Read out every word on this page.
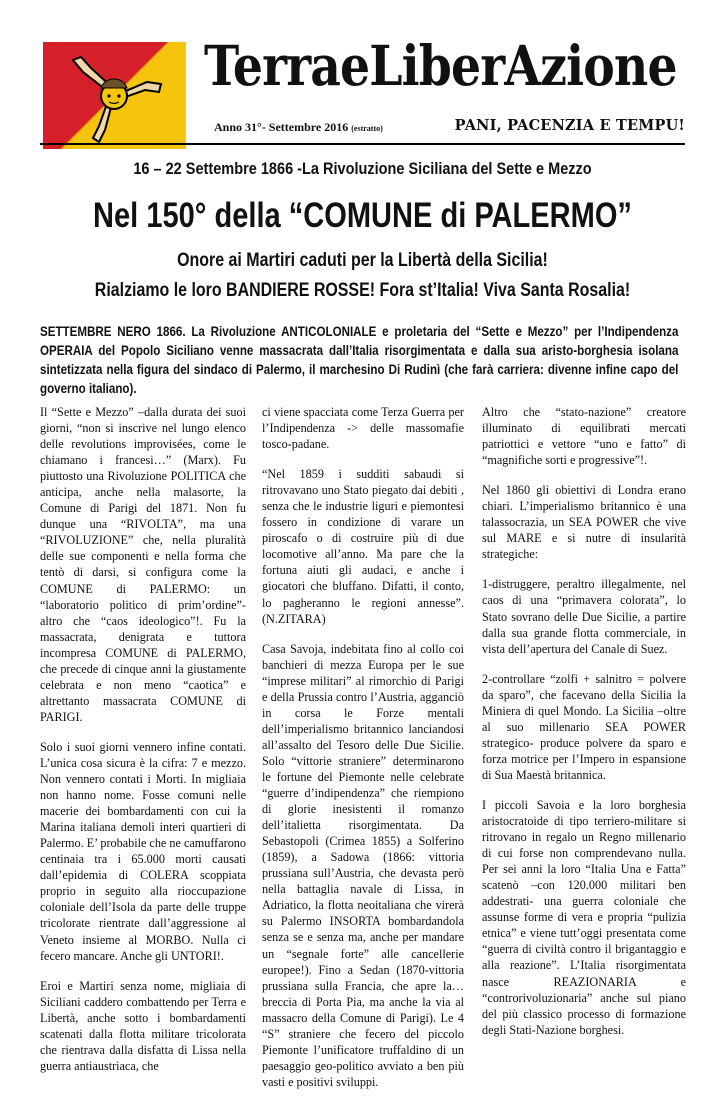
TerraeLiberAzione
Anno 31°- Settembre 2016 (estratto)	PANI, PACENZIA E TEMPU!
16 – 22 Settembre 1866 -La Rivoluzione Siciliana del Sette e Mezzo
Nel 150° della “COMUNE di PALERMO”
Onore ai Martiri caduti per la Libertà della Sicilia!
Rialziamo le loro BANDIERE ROSSE! Fora st’Italia! Viva Santa Rosalia!
SETTEMBRE NERO 1866. La Rivoluzione ANTICOLONIALE e proletaria del “Sette e Mezzo” per l’Indipendenza OPERAIA del Popolo Siciliano venne massacrata dall’Italia risorgimentata e dalla sua aristo-borghesia isolana sintetizzata nella figura del sindaco di Palermo, il marchesino Di Rudinì (che farà carriera: divenne infine capo del governo italiano).

Il “Sette e Mezzo” –dalla durata dei suoi giorni, “non si inscrive nel lungo elenco delle revolutions improvisées, come le chiamano i francesi…” (Marx). Fu piuttosto una Rivoluzione POLITICA che anticipa, anche nella malasorte, la Comune di Parigi del 1871. Non fu dunque una “RIVOLTA”, ma una “RIVOLUZIONE” che, nella pluralità delle sue componenti e nella forma che tentò di darsi, si configura come la COMUNE di PALERMO: un “laboratorio politico di prim’ordine”- altro che “caos ideologico”!. Fu la massacrata, denigrata e tuttora incompresa COMUNE di PALERMO, che precede di cinque anni la giustamente celebrata e non meno “caotica” e altrettanto massacrata COMUNE di PARIGI.

Solo i suoi giorni vennero infine contati. L’unica cosa sicura è la cifra: 7 e mezzo. Non vennero contati i Morti. In migliaia non hanno nome. Fosse comuni nelle macerie dei bombardamenti con cui la Marina italiana demolì interi quartieri di Palermo. E’ probabile che ne camuffarono centinaia tra i 65.000 morti causati dall’epidemia di COLERA scoppiata proprio in seguito alla rioccupazione coloniale dell’Isola da parte delle truppe tricolorate rientrate dall’aggressione al Veneto insieme al MORBO. Nulla ci fecero mancare. Anche gli UNTORI!.

Eroi e Martiri senza nome, migliaia di Siciliani caddero combattendo per Terra e Libertà, anche sotto i bombardamenti scatenati dalla flotta militare tricolorata che rientrava dalla disfatta di Lissa nella guerra antiaustriaca, che

ci viene spacciata come Terza Guerra per l’Indipendenza -> delle massomafie tosco-padane.

“Nel 1859 i sudditi sabaudi si ritrovavano uno Stato piegato dai debiti , senza che le industrie liguri e piemontesi fossero in condizione di varare un piroscafo o di costruire più di due locomotive all’anno. Ma pare che la fortuna aiuti gli audaci, e anche i giocatori che bluffano. Difatti, il conto, lo pagheranno le regioni annesse”. (N.ZITARA)

Casa Savoja, indebitata fino al collo coi banchieri di mezza Europa per le sue “imprese militari” al rimorchio di Parigi e della Prussia contro l’Austria, agganciò in corsa le Forze mentali dell’imperialismo britannico lanciandosi all’assalto del Tesoro delle Due Sicilie. Solo “vittorie straniere” determinarono le fortune del Piemonte nelle celebrate “guerre d’indipendenza” che riempiono di glorie inesistenti il romanzo dell’italietta risorgimentata. Da Sebastopoli (Crimea 1855) a Solferino (1859), a Sadowa (1866: vittoria prussiana sull’Austria, che devasta però nella battaglia navale di Lissa, in Adriatico, la flotta neoitaliana che virerà su Palermo INSORTA bombardandola senza se e senza ma, anche per mandare un “segnale forte” alle cancellerie europee!). Fino a Sedan (1870-vittoria prussiana sulla Francia, che apre la…breccia di Porta Pia, ma anche la via al massacro della Comune di Parigi). Le 4 “S” straniere che fecero del piccolo Piemonte l’unificatore truffaldino di un paesaggio geo-politico avviato a ben più vasti e positivi sviluppi.

Altro che “stato-nazione” creatore illuminato di equilibrati mercati patriottici e vettore “uno e fatto” di “magnifiche sorti e progressive”!.

Nel 1860 gli obiettivi di Londra erano chiari. L’imperialismo britannico è una talassocrazia, un SEA POWER che vive sul MARE e si nutre di insularità strategiche:

1-distruggere, peraltro illegalmente, nel caos di una “primavera colorata”, lo Stato sovrano delle Due Sicilie, a partire dalla sua grande flotta commerciale, in vista dell’apertura del Canale di Suez.

2-controllare “zolfi + salnitro = polvere da sparo”, che facevano della Sicilia la Miniera di quel Mondo. La Sicilia –oltre al suo millenario SEA POWER strategico- produce polvere da sparo e forza motrice per l’Impero in espansione di Sua Maestà britannica.

I piccoli Savoia e la loro borghesia aristocratoide di tipo terriero-militare si ritrovano in regalo un Regno millenario di cui forse non comprendevano nulla. Per sei anni la loro “Italia Una e Fatta” scatenò –con 120.000 militari ben addestrati- una guerra coloniale che assunse forme di vera e propria “pulizia etnica” e viene tutt’oggi presentata come “guerra di civiltà contro il brigantaggio e alla reazione”. L’Italia risorgimentata nasce REAZIONARIA e “controrivoluzionaria” anche sul piano del più classico processo di formazione degli Stati-Nazione borghesi.
